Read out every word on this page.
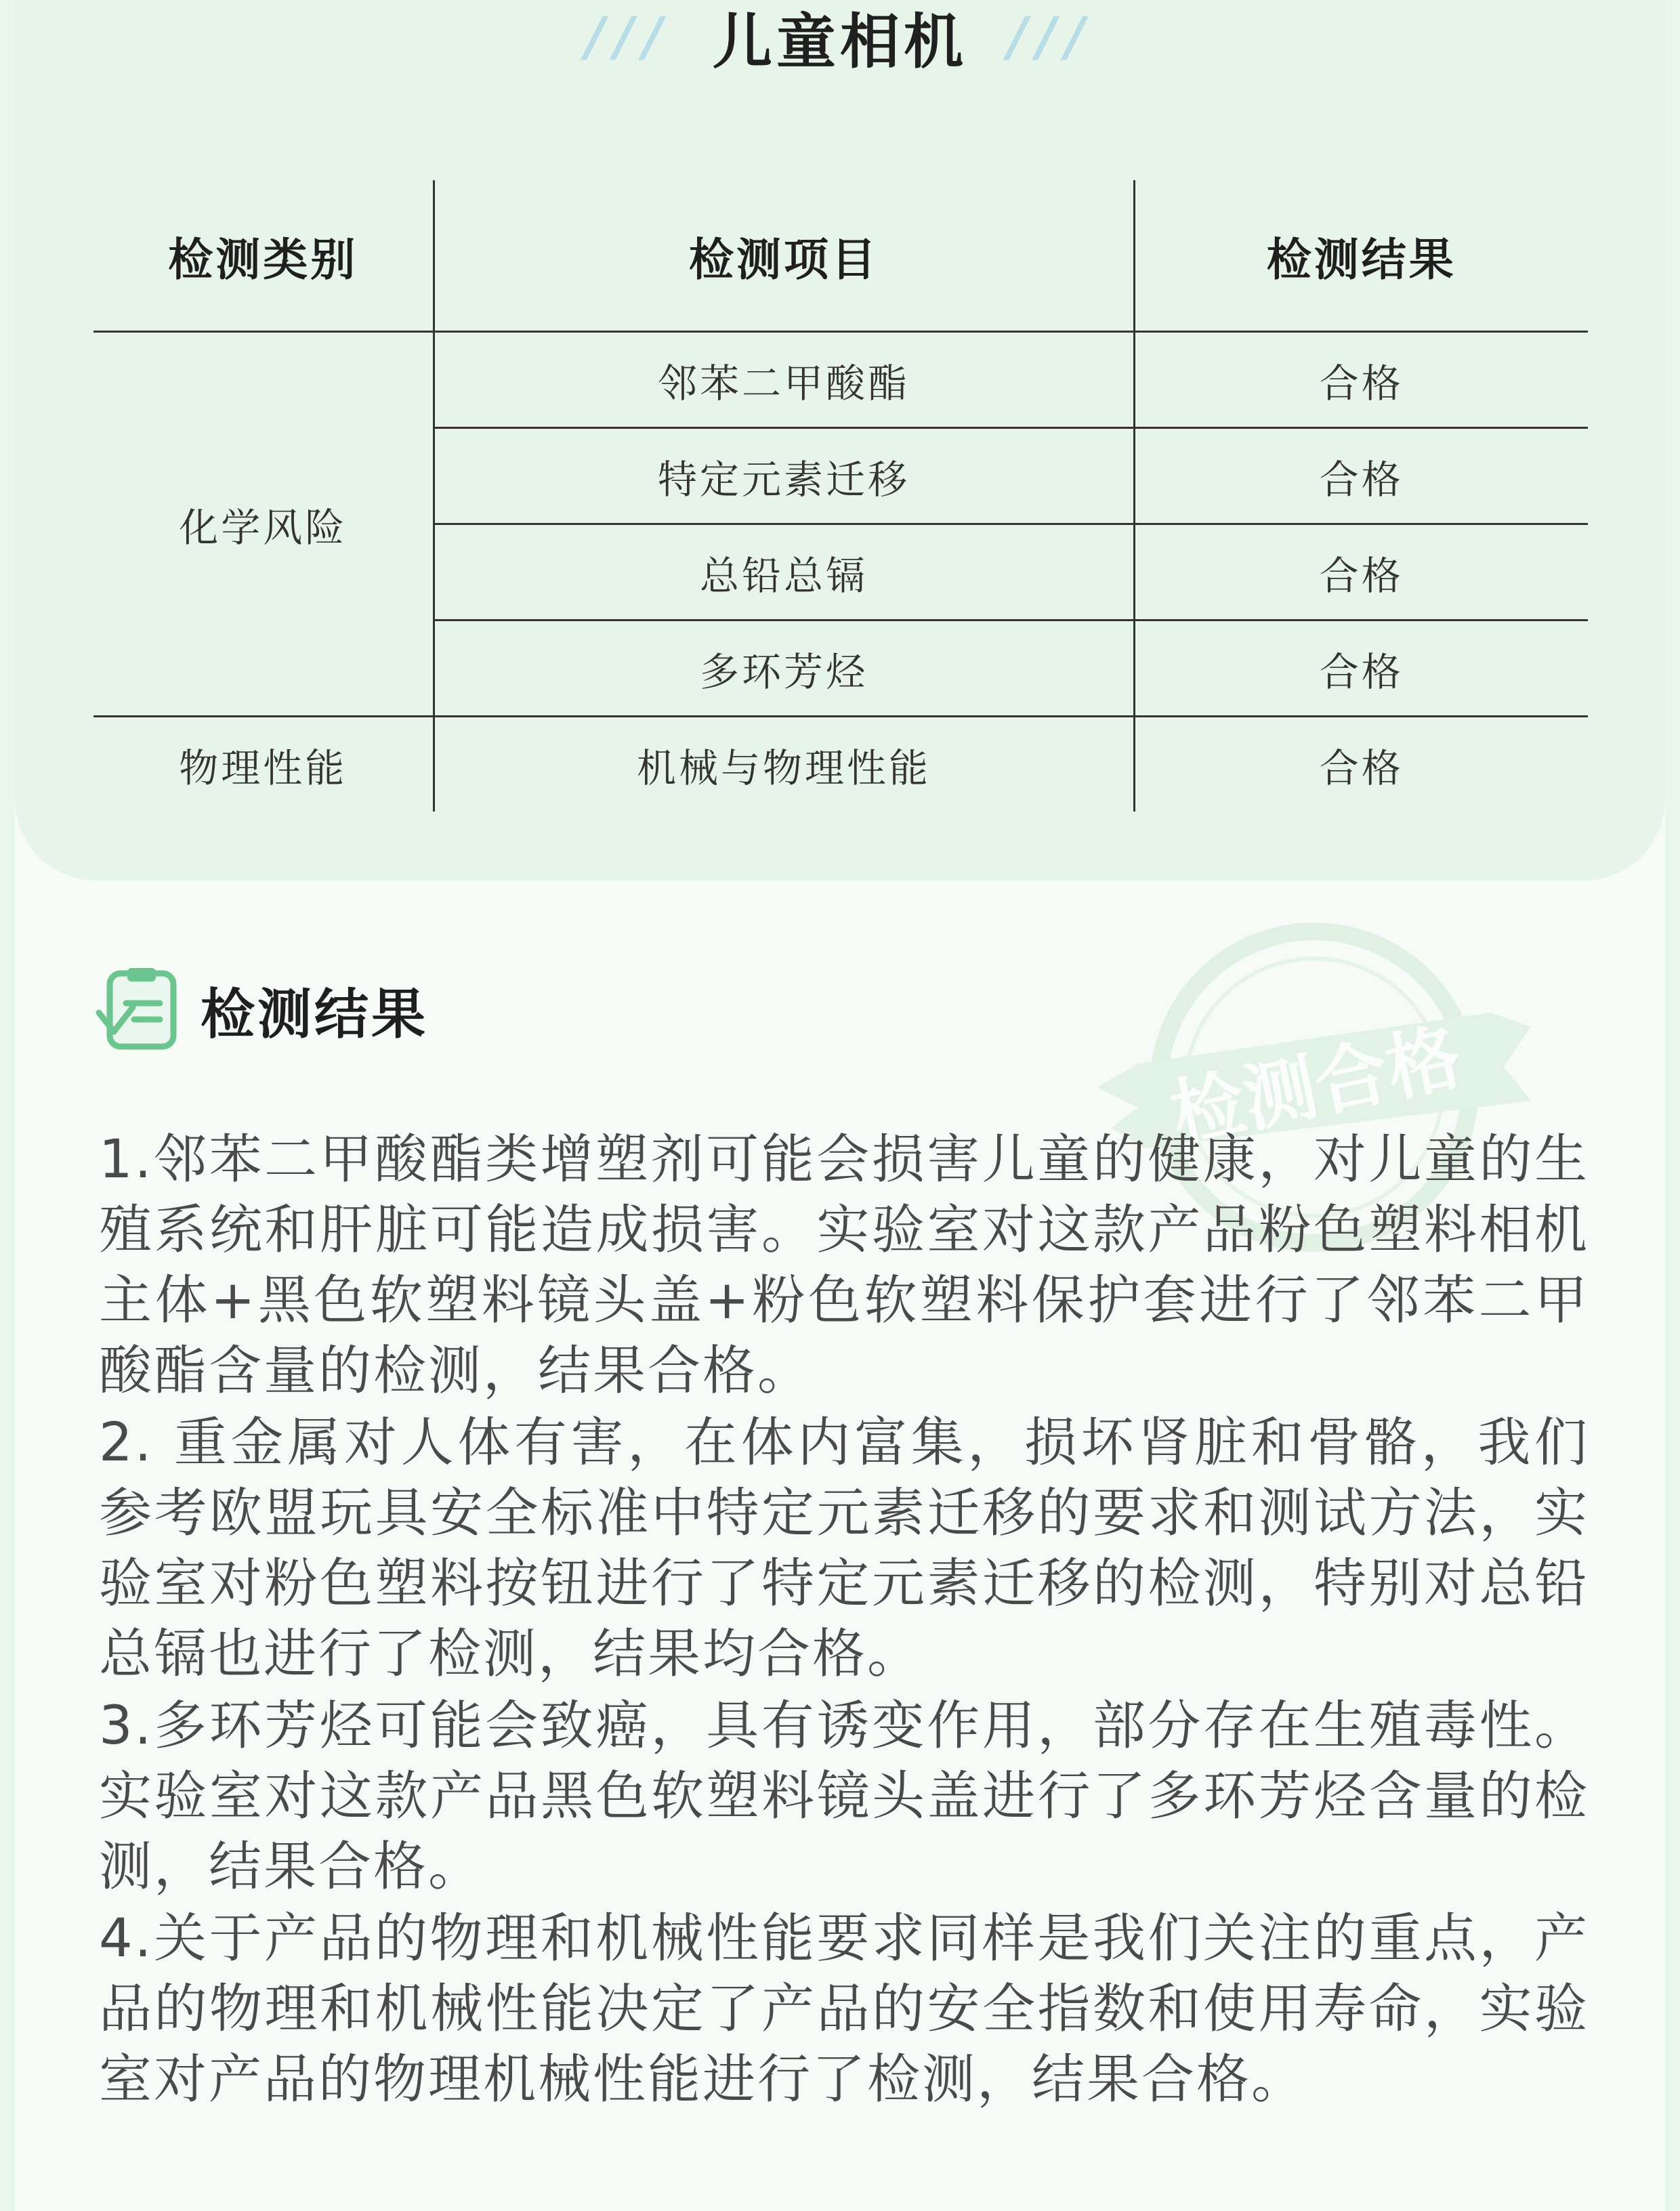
/// 儿童相机 ///
检测类别	检测项目	检测结果
化学风险	邻苯二甲酸酯	合格
	特定元素迁移	合格
	总铅总镉	合格
	多环芳烃	合格
物理性能	机械与物理性能	合格
检测合格
检测结果

1.邻苯二甲酸酯类增塑剂可能会损害儿童的健康，对儿童的生殖系统和肝脏可能造成损害。实验室对这款产品粉色塑料相机主体+黑色软塑料镜头盖+粉色软塑料保护套进行了邻苯二甲酸酯含量的检测，结果合格。

2. 重金属对人体有害，在体内富集，损坏肾脏和骨骼，我们参考欧盟玩具安全标准中特定元素迁移的要求和测试方法，实验室对粉色塑料按钮进行了特定元素迁移的检测，特别对总铅总镉也进行了检测，结果均合格。

3.多环芳烃可能会致癌，具有诱变作用，部分存在生殖毒性。实验室对这款产品黑色软塑料镜头盖进行了多环芳烃含量的检测，结果合格。

4.关于产品的物理和机械性能要求同样是我们关注的重点，产品的物理和机械性能决定了产品的安全指数和使用寿命，实验室对产品的物理机械性能进行了检测，结果合格。
